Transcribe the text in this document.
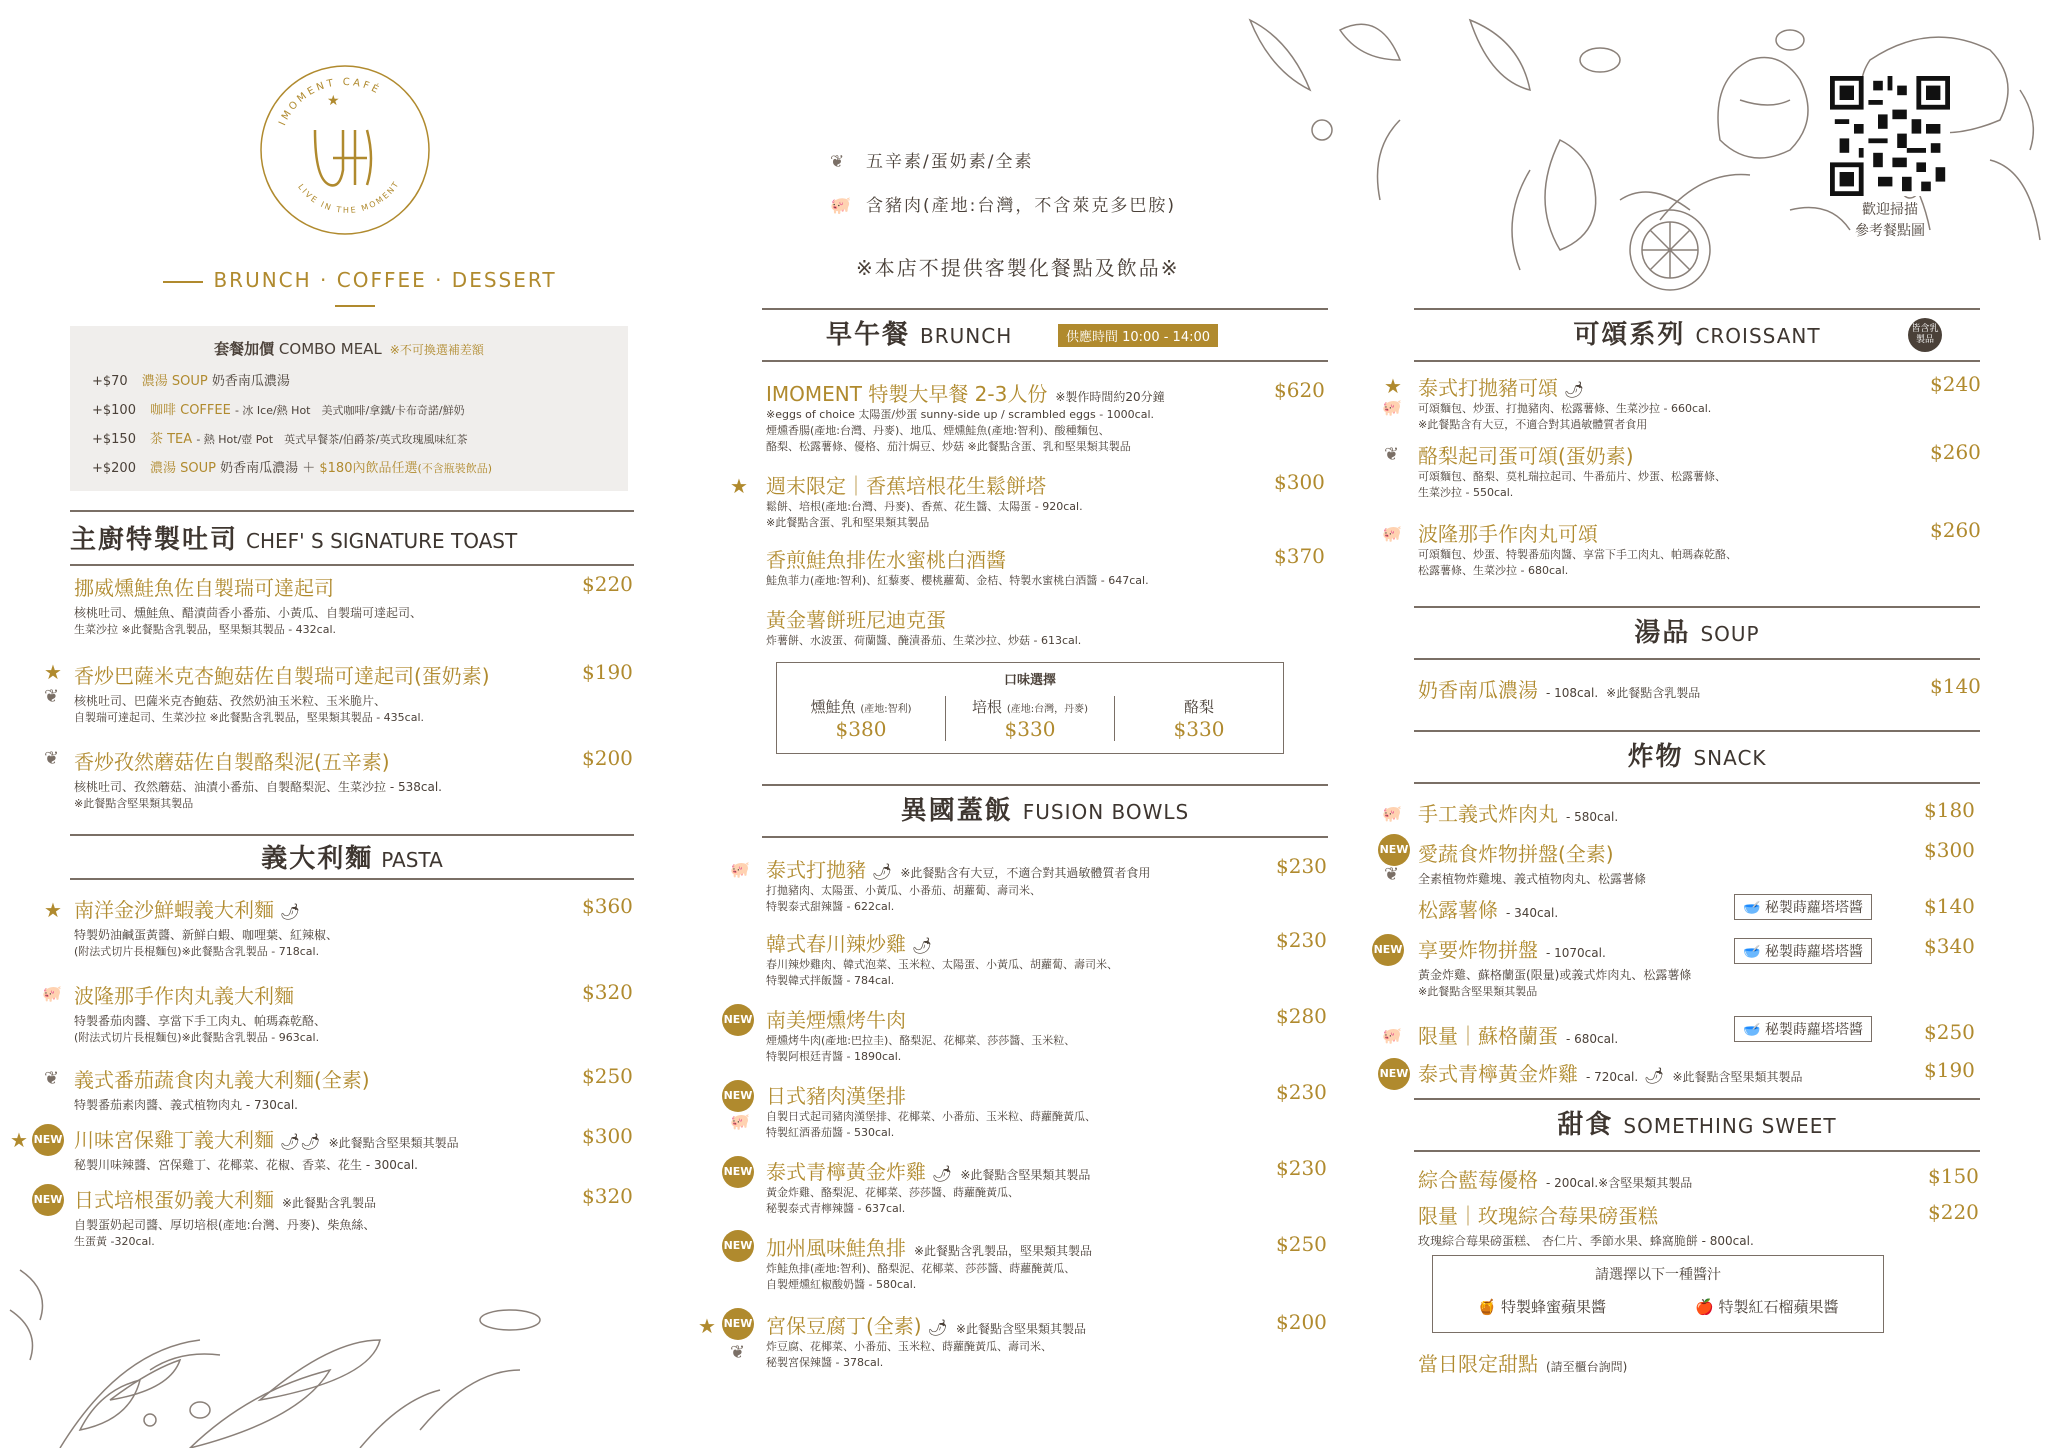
★
IMOMENT CAFÉ
LIVE IN THE MOMENT
BRUNCH · COFFEE · DESSERT
套餐加價 COMBO MEAL ※不可換選補差額
+$70 濃湯 SOUP 奶香南瓜濃湯
+$100 咖啡 COFFEE - 冰 Ice/熱 Hot　美式咖啡/拿鐵/卡布奇諾/鮮奶
+$150 茶 TEA - 熱 Hot/壺 Pot　英式早餐茶/伯爵茶/英式玫瑰風味紅茶
+$200 濃湯 SOUP 奶香南瓜濃湯 ＋ $180內飲品任選(不含瓶裝飲品)
主廚特製吐司 CHEF' S SIGNATURE TOAST
挪威燻鮭魚佐自製瑞可達起司	$220
核桃吐司、燻鮭魚、醋漬茴香小番茄、小黃瓜、自製瑞可達起司、
生菜沙拉 ※此餐點含乳製品，堅果類其製品 - 432cal.
★
❦
香炒巴薩米克杏鮑菇佐自製瑞可達起司(蛋奶素)	$190
核桃吐司、巴薩米克杏鮑菇、孜然奶油玉米粒、玉米脆片、
自製瑞可達起司、生菜沙拉 ※此餐點含乳製品，堅果類其製品 - 435cal.
❦ 香炒孜然蘑菇佐自製酪梨泥(五辛素)	$200
核桃吐司、孜然蘑菇、油漬小番茄、自製酪梨泥、生菜沙拉 - 538cal.
※此餐點含堅果類其製品
義大利麵 PASTA
★ 南洋金沙鮮蝦義大利麵 🌶	$360
特製奶油鹹蛋黃醬、新鮮白蝦、咖哩葉、紅辣椒、
(附法式切片長棍麵包)※此餐點含乳製品 - 718cal.
🐖 波隆那手作肉丸義大利麵	$320
特製番茄肉醬、享當下手工肉丸、帕瑪森乾酪、
(附法式切片長棍麵包)※此餐點含乳製品 - 963cal.
❦ 義式番茄蔬食肉丸義大利麵(全素)	$250
特製番茄素肉醬、義式植物肉丸 - 730cal.
★ NEW 川味宮保雞丁義大利麵 🌶🌶 ※此餐點含堅果類其製品	$300
秘製川味辣醬、宮保雞丁、花椰菜、花椒、香菜、花生 - 300cal.
NEW 日式培根蛋奶義大利麵 ※此餐點含乳製品	$320
自製蛋奶起司醬、厚切培根(產地:台灣、丹麥)、柴魚絲、
生蛋黃 -320cal.
❦ 五辛素/蛋奶素/全素
🐖 含豬肉(產地:台灣，不含萊克多巴胺)
※本店不提供客製化餐點及飲品※
早午餐 BRUNCH	供應時間 10:00 - 14:00
IMOMENT 特製大早餐 2-3人份 ※製作時間約20分鐘	$620
※eggs of choice 太陽蛋/炒蛋 sunny-side up / scrambled eggs - 1000cal.
煙燻香腸(產地:台灣、丹麥)、地瓜、煙燻鮭魚(產地:智利)、酸種麵包、
酪梨、松露薯條、優格、茄汁焗豆、炒菇 ※此餐點含蛋、乳和堅果類其製品
★ 週末限定｜香蕉培根花生鬆餅塔	$300
鬆餅、培根(產地:台灣、丹麥)、香蕉、花生醬、太陽蛋 - 920cal.
※此餐點含蛋、乳和堅果類其製品
香煎鮭魚排佐水蜜桃白酒醬	$370
鮭魚菲力(產地:智利)、紅藜麥、櫻桃蘿蔔、金桔、特製水蜜桃白酒醬 - 647cal.
黃金薯餅班尼迪克蛋
炸薯餅、水波蛋、荷蘭醬、醃漬番茄、生菜沙拉、炒菇 - 613cal.
口味選擇
燻鮭魚 (產地:智利)
$380
培根 (產地:台灣，丹麥)
$330
酪梨
$330
異國蓋飯 FUSION BOWLS
🐖 泰式打拋豬 🌶 ※此餐點含有大豆，不適合對其過敏體質者食用	$230
打拋豬肉、太陽蛋、小黃瓜、小番茄、胡蘿蔔、壽司米、
特製泰式甜辣醬 - 622cal.
韓式春川辣炒雞 🌶	$230
春川辣炒雞肉、韓式泡菜、玉米粒、太陽蛋、小黃瓜、胡蘿蔔、壽司米、
特製韓式拌飯醬 - 784cal.
NEW 南美煙燻烤牛肉	$280
煙燻烤牛肉(產地:巴拉圭)、酪梨泥、花椰菜、莎莎醬、玉米粒、
特製阿根廷青醬 - 1890cal.
NEW
🐖
日式豬肉漢堡排	$230
自製日式起司豬肉漢堡排、花椰菜、小番茄、玉米粒、蒔蘿醃黃瓜、
特製紅酒番茄醬 - 530cal.
NEW 泰式青檸黃金炸雞 🌶 ※此餐點含堅果類其製品	$230
黃金炸雞、酪梨泥、花椰菜、莎莎醬、蒔蘿醃黃瓜、
秘製泰式青檸辣醬 - 637cal.
NEW 加州風味鮭魚排 ※此餐點含乳製品，堅果類其製品	$250
炸鮭魚排(產地:智利)、酪梨泥、花椰菜、莎莎醬、蒔蘿醃黃瓜、
自製煙燻紅椒酸奶醬 - 580cal.
★ NEW
❦
宮保豆腐丁(全素) 🌶 ※此餐點含堅果類其製品	$200
炸豆腐、花椰菜、小番茄、玉米粒、蒔蘿醃黃瓜、壽司米、
秘製宮保辣醬 - 378cal.
歡迎掃描
參考餐點圖
可頌系列 CROISSANT	皆含乳製品
★
🐖
泰式打拋豬可頌 🌶	$240
可頌麵包、炒蛋、打拋豬肉、松露薯條、生菜沙拉 - 660cal.
※此餐點含有大豆，不適合對其過敏體質者食用
❦ 酪梨起司蛋可頌(蛋奶素)	$260
可頌麵包、酪梨、莫札瑞拉起司、牛番茄片、炒蛋、松露薯條、
生菜沙拉 - 550cal.
🐖 波隆那手作肉丸可頌	$260
可頌麵包、炒蛋、特製番茄肉醬、享當下手工肉丸、帕瑪森乾酪、
松露薯條、生菜沙拉 - 680cal.
湯品 SOUP
奶香南瓜濃湯 - 108cal. ※此餐點含乳製品	$140
炸物 SNACK
🐖 手工義式炸肉丸 - 580cal.	$180
NEW
❦
愛蔬食炸物拼盤(全素)	$300
全素植物炸雞塊、義式植物肉丸、松露薯條
松露薯條 - 340cal.	$140
🥣 秘製蒔蘿塔塔醬
NEW 享要炸物拼盤 - 1070cal.	$340
黃金炸雞、蘇格蘭蛋(限量)或義式炸肉丸、松露薯條
※此餐點含堅果類其製品
🥣 秘製蒔蘿塔塔醬
🐖 限量｜蘇格蘭蛋 - 680cal.	$250
🥣 秘製蒔蘿塔塔醬
NEW 泰式青檸黃金炸雞 - 720cal. 🌶 ※此餐點含堅果類其製品	$190
甜食 SOMETHING SWEET
綜合藍莓優格 - 200cal.※含堅果類其製品	$150
限量｜玫瑰綜合莓果磅蛋糕	$220
玫瑰綜合莓果磅蛋糕、 杏仁片、季節水果、蜂窩脆餅 - 800cal.
請選擇以下一種醬汁
🍯 特製蜂蜜蘋果醬	🍎 特製紅石榴蘋果醬
當日限定甜點 (請至櫃台詢問)
